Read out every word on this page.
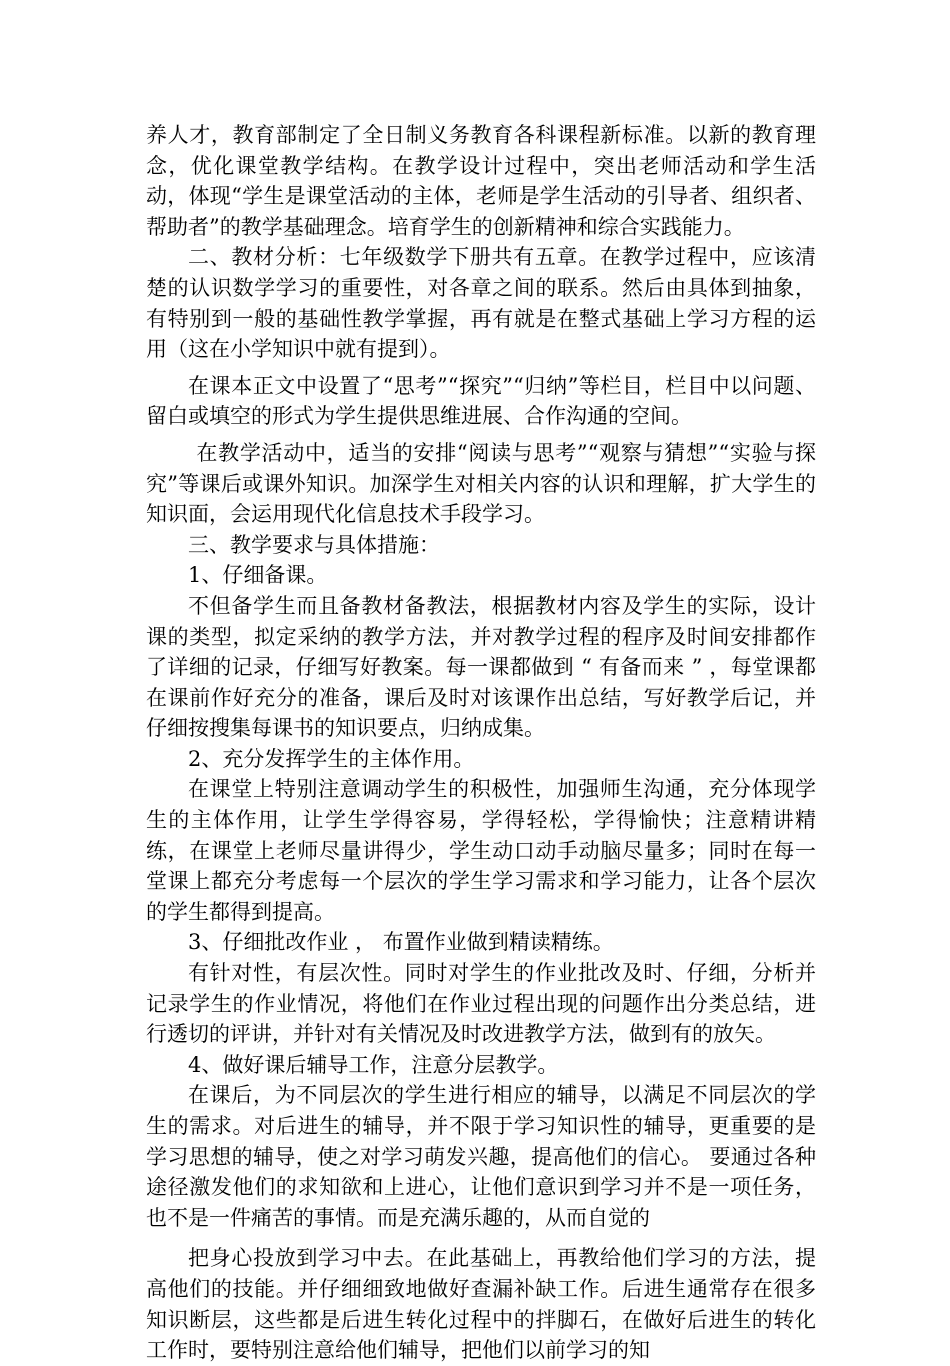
养人才，教育部制定了全日制义务教育各科课程新标准。以新的教育理念，优化课堂教学结构。在教学设计过程中，突出老师活动和学生活动，体现“学生是课堂活动的主体，老师是学生活动的引导者、组织者、帮助者”的教学基础理念。培育学生的创新精神和综合实践能力。

二、教材分析：七年级数学下册共有五章。在教学过程中，应该清楚的认识数学学习的重要性，对各章之间的联系。然后由具体到抽象，有特别到一般的基础性教学掌握，再有就是在整式基础上学习方程的运用（这在小学知识中就有提到）。

在课本正文中设置了“思考”“探究”“归纳”等栏目，栏目中以问题、留白或填空的形式为学生提供思维进展、合作沟通的空间。

在教学活动中，适当的安排“阅读与思考”“观察与猜想”“实验与探究”等课后或课外知识。加深学生对相关内容的认识和理解，扩大学生的知识面，会运用现代化信息技术手段学习。

三、教学要求与具体措施：

1、仔细备课。

不但备学生而且备教材备教法，根据教材内容及学生的实际，设计课的类型，拟定采纳的教学方法，并对教学过程的程序及时间安排都作了详细的记录，仔细写好教案。每一课都做到 “ 有备而来 ” ，每堂课都在课前作好充分的准备，课后及时对该课作出总结，写好教学后记，并仔细按搜集每课书的知识要点，归纳成集。

2、充分发挥学生的主体作用。

在课堂上特别注意调动学生的积极性，加强师生沟通，充分体现学生的主体作用，让学生学得容易，学得轻松，学得愉快；注意精讲精练，在课堂上老师尽量讲得少，学生动口动手动脑尽量多；同时在每一堂课上都充分考虑每一个层次的学生学习需求和学习能力，让各个层次的学生都得到提高。

3、仔细批改作业 ， 布置作业做到精读精练。

有针对性，有层次性。同时对学生的作业批改及时、仔细，分析并记录学生的作业情况，将他们在作业过程出现的问题作出分类总结，进行透切的评讲，并针对有关情况及时改进教学方法，做到有的放矢。

4、做好课后辅导工作，注意分层教学。

在课后，为不同层次的学生进行相应的辅导，以满足不同层次的学生的需求。对后进生的辅导，并不限于学习知识性的辅导，更重要的是学习思想的辅导，使之对学习萌发兴趣，提高他们的信心。 要通过各种途径激发他们的求知欲和上进心，让他们意识到学习并不是一项任务，也不是一件痛苦的事情。而是充满乐趣的，从而自觉的

把身心投放到学习中去。在此基础上，再教给他们学习的方法，提高他们的技能。并仔细细致地做好查漏补缺工作。后进生通常存在很多知识断层，这些都是后进生转化过程中的拌脚石，在做好后进生的转化工作时，要特别注意给他们辅导，把他们以前学习的知
